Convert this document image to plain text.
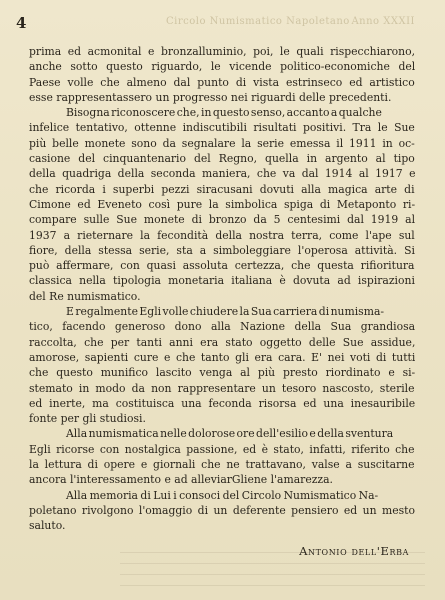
4	Circolo Numismatico Napoletano Anno XXXII
prima ed acmonital e bronzalluminio, poi, le quali rispecchiarono,
anche sotto questo riguardo, le vicende politico-economiche del
Paese volle che almeno dal punto di vista estrinseco ed artistico
esse rappresentassero un progresso nei riguardi delle precedenti.
Bisogna riconoscere che, in questo senso, accanto a qualche
infelice tentativo, ottenne indiscutibili risultati positivi. Tra le Sue
più belle monete sono da segnalare la serie emessa il 1911 in oc-
casione del cinquantenario del Regno, quella in argento al tipo
della quadriga della seconda maniera, che va dal 1914 al 1917 e
che ricorda i superbi pezzi siracusani dovuti alla magica arte di
Cimone ed Eveneto così pure la simbolica spiga di Metaponto ri-
compare sulle Sue monete di bronzo da 5 centesimi dal 1919 al
1937 a rieternare la fecondità della nostra terra, come l'ape sul
fiore, della stessa serie, sta a simboleggiare l'operosa attività. Si
può affermare, con quasi assoluta certezza, che questa rifioritura
classica nella tipologia monetaria italiana è dovuta ad ispirazioni
del Re numismatico.
E regalmente Egli volle chiudere la Sua carriera di numisma-
tico, facendo generoso dono alla Nazione della Sua grandiosa
raccolta, che per tanti anni era stato oggetto delle Sue assidue,
amorose, sapienti cure e che tanto gli era cara. E' nei voti di tutti
che questo munifico lascito venga al più presto riordinato e si-
stemato in modo da non rappresentare un tesoro nascosto, sterile
ed inerte, ma costituisca una feconda risorsa ed una inesauribile
fonte per gli studiosi.
Alla numismatica nelle dolorose ore dell'esilio e della sventura
Egli ricorse con nostalgica passione, ed è stato, infatti, riferito che
la lettura di opere e giornali che ne trattavano, valse a suscitarne
ancora l'interessamento e ad alleviarGliene l'amarezza.
Alla memoria di Lui i consoci del Circolo Numismatico Na-
poletano rivolgono l'omaggio di un deferente pensiero ed un mesto
saluto.
Antonio dell'Erba
